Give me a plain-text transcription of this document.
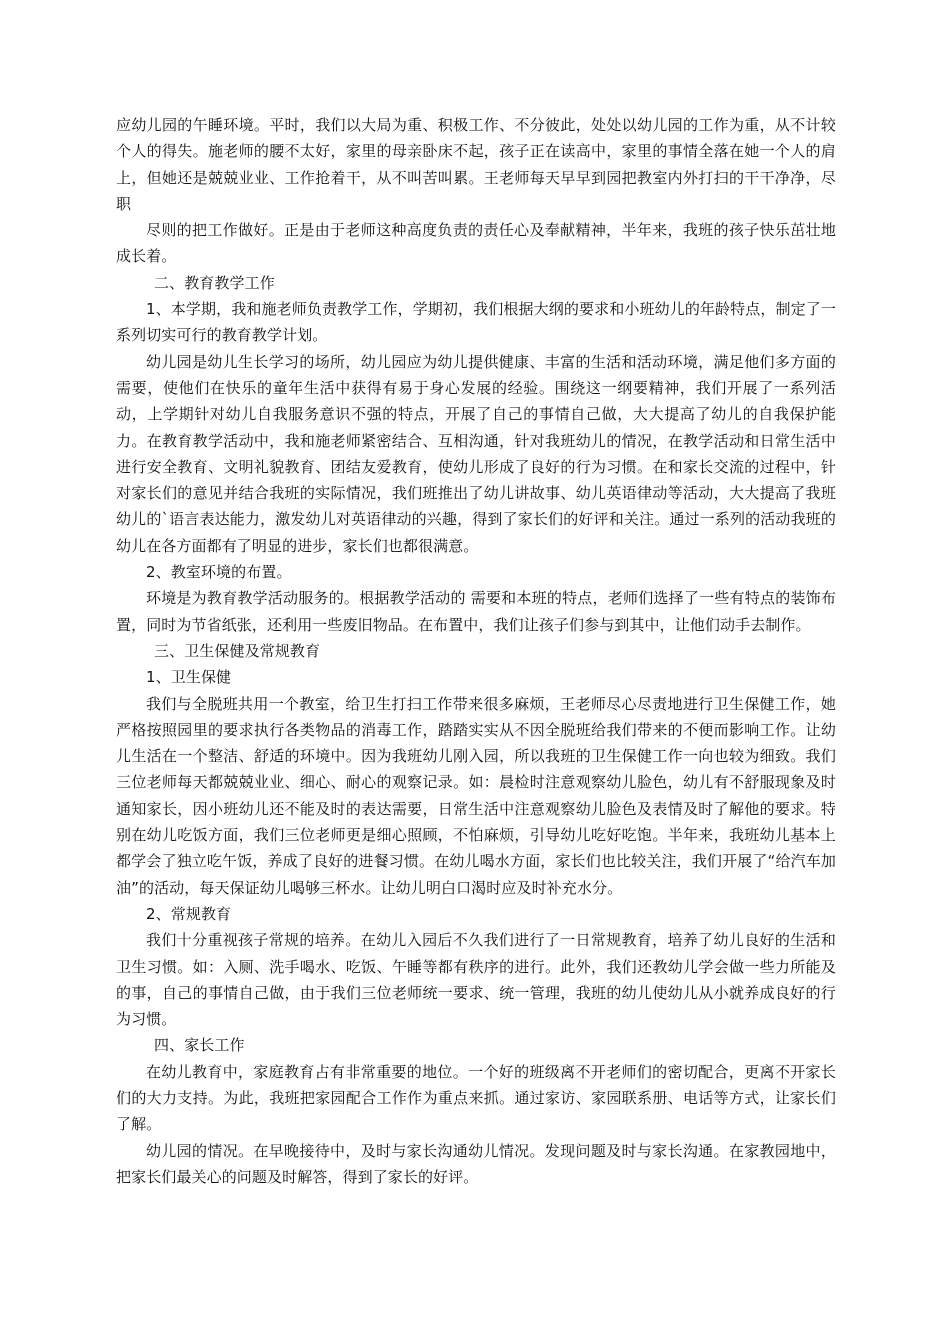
应幼儿园的午睡环境。平时，我们以大局为重、积极工作、不分彼此，处处以幼儿园的工作为重，从不计较个人的得失。施老师的腰不太好，家里的母亲卧床不起，孩子正在读高中，家里的事情全落在她一个人的肩上，但她还是兢兢业业、工作抢着干，从不叫苦叫累。王老师每天早早到园把教室内外打扫的干干净净，尽职

尽则的把工作做好。正是由于老师这种高度负责的责任心及奉献精神，半年来，我班的孩子快乐茁壮地成长着。

二、教育教学工作

1、本学期，我和施老师负责教学工作，学期初，我们根据大纲的要求和小班幼儿的年龄特点，制定了一系列切实可行的教育教学计划。

幼儿园是幼儿生长学习的场所，幼儿园应为幼儿提供健康、丰富的生活和活动环境，满足他们多方面的需要，使他们在快乐的童年生活中获得有易于身心发展的经验。围绕这一纲要精神，我们开展了一系列活动，上学期针对幼儿自我服务意识不强的特点，开展了自己的事情自己做，大大提高了幼儿的自我保护能力。在教育教学活动中，我和施老师紧密结合、互相沟通，针对我班幼儿的情况，在教学活动和日常生活中进行安全教育、文明礼貌教育、团结友爱教育，使幼儿形成了良好的行为习惯。在和家长交流的过程中，针对家长们的意见并结合我班的实际情况，我们班推出了幼儿讲故事、幼儿英语律动等活动，大大提高了我班幼儿的`语言表达能力，激发幼儿对英语律动的兴趣，得到了家长们的好评和关注。通过一系列的活动我班的幼儿在各方面都有了明显的进步，家长们也都很满意。

2、教室环境的布置。

环境是为教育教学活动服务的。根据教学活动的 需要和本班的特点，老师们选择了一些有特点的装饰布置，同时为节省纸张，还利用一些废旧物品。在布置中，我们让孩子们参与到其中，让他们动手去制作。

三、卫生保健及常规教育

1、卫生保健

我们与全脱班共用一个教室，给卫生打扫工作带来很多麻烦，王老师尽心尽责地进行卫生保健工作，她严格按照园里的要求执行各类物品的消毒工作，踏踏实实从不因全脱班给我们带来的不便而影响工作。让幼儿生活在一个整洁、舒适的环境中。因为我班幼儿刚入园，所以我班的卫生保健工作一向也较为细致。我们三位老师每天都兢兢业业、细心、耐心的观察记录。如：晨检时注意观察幼儿脸色，幼儿有不舒服现象及时通知家长，因小班幼儿还不能及时的表达需要，日常生活中注意观察幼儿脸色及表情及时了解他的要求。特别在幼儿吃饭方面，我们三位老师更是细心照顾，不怕麻烦，引导幼儿吃好吃饱。半年来，我班幼儿基本上都学会了独立吃午饭，养成了良好的进餐习惯。在幼儿喝水方面，家长们也比较关注，我们开展了“给汽车加油”的活动，每天保证幼儿喝够三杯水。让幼儿明白口渴时应及时补充水分。

2、常规教育

我们十分重视孩子常规的培养。在幼儿入园后不久我们进行了一日常规教育，培养了幼儿良好的生活和卫生习惯。如：入厕、洗手喝水、吃饭、午睡等都有秩序的进行。此外，我们还教幼儿学会做一些力所能及的事，自己的事情自己做，由于我们三位老师统一要求、统一管理，我班的幼儿使幼儿从小就养成良好的行为习惯。

四、家长工作

在幼儿教育中，家庭教育占有非常重要的地位。一个好的班级离不开老师们的密切配合，更离不开家长们的大力支持。为此，我班把家园配合工作作为重点来抓。通过家访、家园联系册、电话等方式，让家长们了解。

幼儿园的情况。在早晚接待中，及时与家长沟通幼儿情况。发现问题及时与家长沟通。在家教园地中，把家长们最关心的问题及时解答，得到了家长的好评。
